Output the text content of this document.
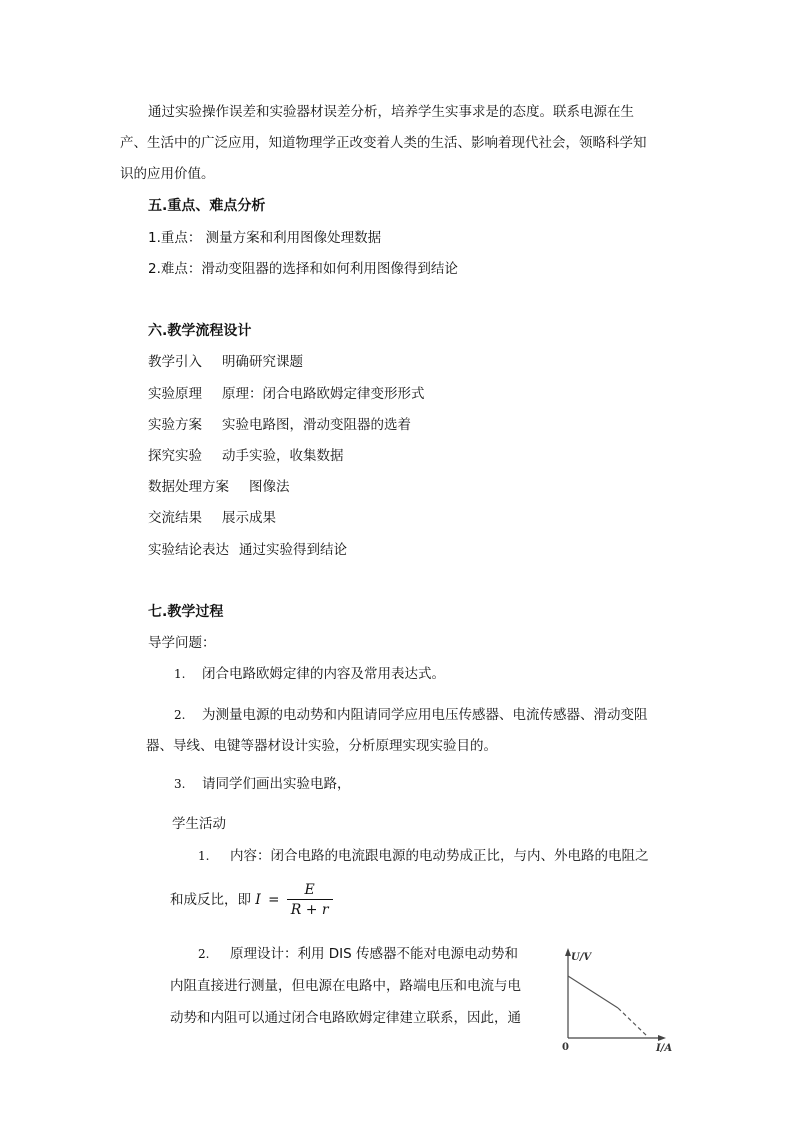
通过实验操作误差和实验器材误差分析，培养学生实事求是的态度。联系电源在生
产、生活中的广泛应用，知道物理学正改变着人类的生活、影响着现代社会，领略科学知
识的应用价值。
五.重点、难点分析
1.重点： 测量方案和利用图像处理数据
2.难点：滑动变阻器的选择和如何利用图像得到结论
六.教学流程设计
教学引入 明确研究课题
实验原理 原理：闭合电路欧姆定律变形形式
实验方案 实验电路图，滑动变阻器的选着
探究实验 动手实验，收集数据
数据处理方案 图像法
交流结果 展示成果
实验结论表达 通过实验得到结论
七.教学过程
导学问题：
1. 闭合电路欧姆定律的内容及常用表达式。
2. 为测量电源的电动势和内阻请同学应用电压传感器、电流传感器、滑动变阻
器、导线、电键等器材设计实验，分析原理实现实验目的。
3. 请同学们画出实验电路，
学生活动
1. 内容：闭合电路的电流跟电源的电动势成正比，与内、外电路的电阻之
和成反比，即 $I = \frac{E}{R + r}$
2. 原理设计：利用 DIS 传感器不能对电源电动势和
内阻直接进行测量，但电源在电路中，路端电压和电流与电
动势和内阻可以通过闭合电路欧姆定律建立联系，因此，通
U/V
I/A
0
